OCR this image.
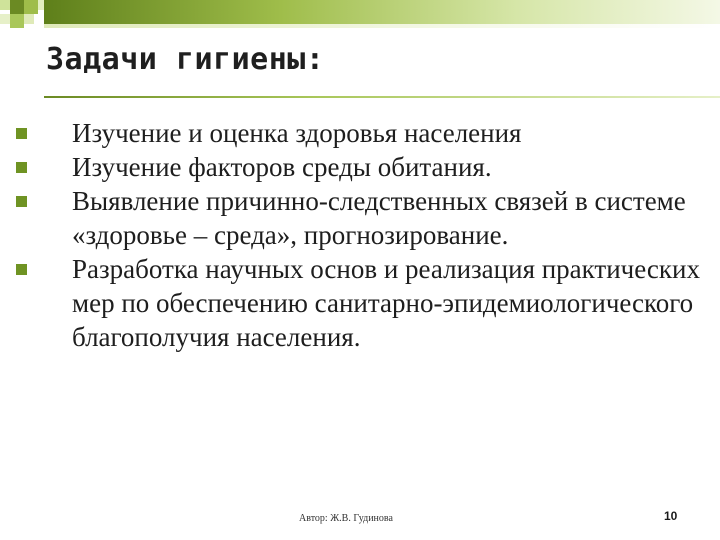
Задачи гигиены:
Изучение и оценка здоровья населения
Изучение факторов среды обитания.
Выявление причинно-следственных связей в системе «здоровье – среда», прогнозирование.
Разработка научных основ и реализация практических мер по обеспечению санитарно-эпидемиологического благополучия населения.
Автор: Ж.В. Гудинова	10
